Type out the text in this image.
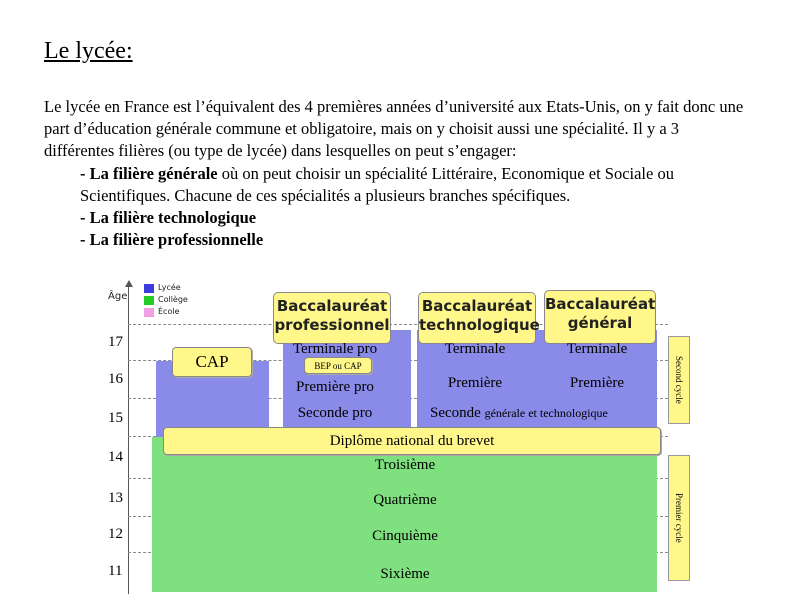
Le lycée:

Le lycée en France est l’équivalent des 4 premières années d’université aux Etats-Unis, on y fait donc une part d’éducation générale commune et obligatoire, mais on y choisit aussi une spécialité. Il y a 3 différentes filières (ou type de lycée) dans lesquelles on peut s’engager:

- La filière générale où on peut choisir un spécialité Littéraire, Economique et Sociale ou Scientifiques. Chacune de ces spécialités a plusieurs branches spécifiques.

- La filière technologique

- La filière professionnelle

Âge
Lycée
Collège
École
17
16
15
14
13
12
11
Baccalauréat professionnel
Baccalauréat technologique
Baccalauréat général
CAP
Terminale pro
BEP ou CAP
Première pro
Seconde pro
Terminale	Terminale
Première	Première
Seconde générale et technologique
Diplôme national du brevet
Troisième
Quatrième
Cinquième
Sixième
Second cycle
Premier cycle
